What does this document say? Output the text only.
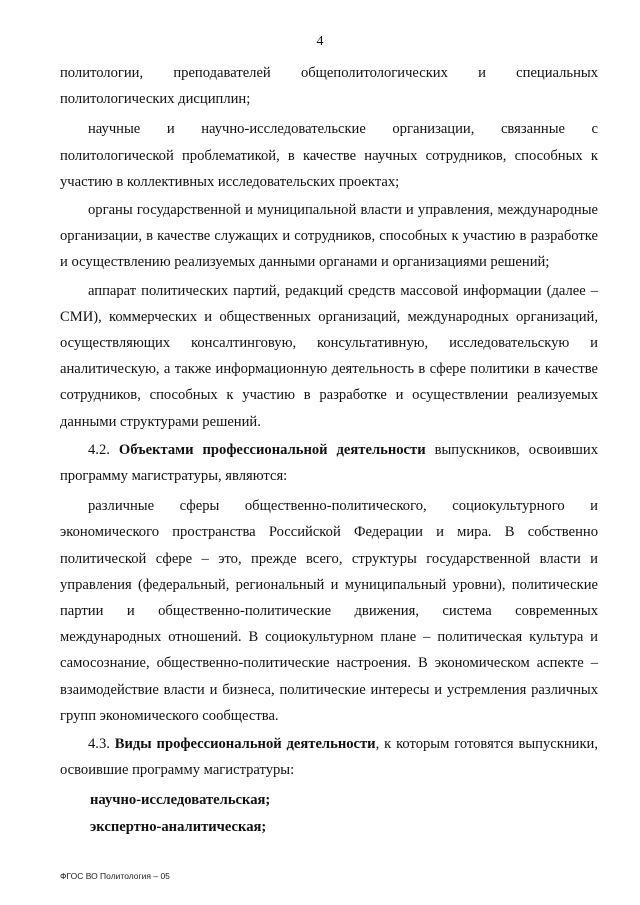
4

политологии, преподавателей общеполитологических и специальных политологических дисциплин;

научные и научно-исследовательские организации, связанные с политологической проблематикой, в качестве научных сотрудников, способных к участию в коллективных исследовательских проектах;

органы государственной и муниципальной власти и управления, международные организации, в качестве служащих и сотрудников, способных к участию в разработке и осуществлению реализуемых данными органами и организациями решений;

аппарат политических партий, редакций средств массовой информации (далее – СМИ), коммерческих и общественных организаций, международных организаций, осуществляющих консалтинговую, консультативную, исследовательскую и аналитическую, а также информационную деятельность в сфере политики в качестве сотрудников, способных к участию в разработке и осуществлении реализуемых данными структурами решений.

4.2. Объектами профессиональной деятельности выпускников, освоивших программу магистратуры, являются:

различные сферы общественно-политического, социокультурного и экономического пространства Российской Федерации и мира. В собственно политической сфере – это, прежде всего, структуры государственной власти и управления (федеральный, региональный и муниципальный уровни), политические партии и общественно-политические движения, система современных международных отношений. В социокультурном плане – политическая культура и самосознание, общественно-политические настроения. В экономическом аспекте – взаимодействие власти и бизнеса, политические интересы и устремления различных групп экономического сообщества.

4.3. Виды профессиональной деятельности, к которым готовятся выпускники, освоившие программу магистратуры:

научно-исследовательская;

экспертно-аналитическая;

ФГОС ВО Политология – 05
